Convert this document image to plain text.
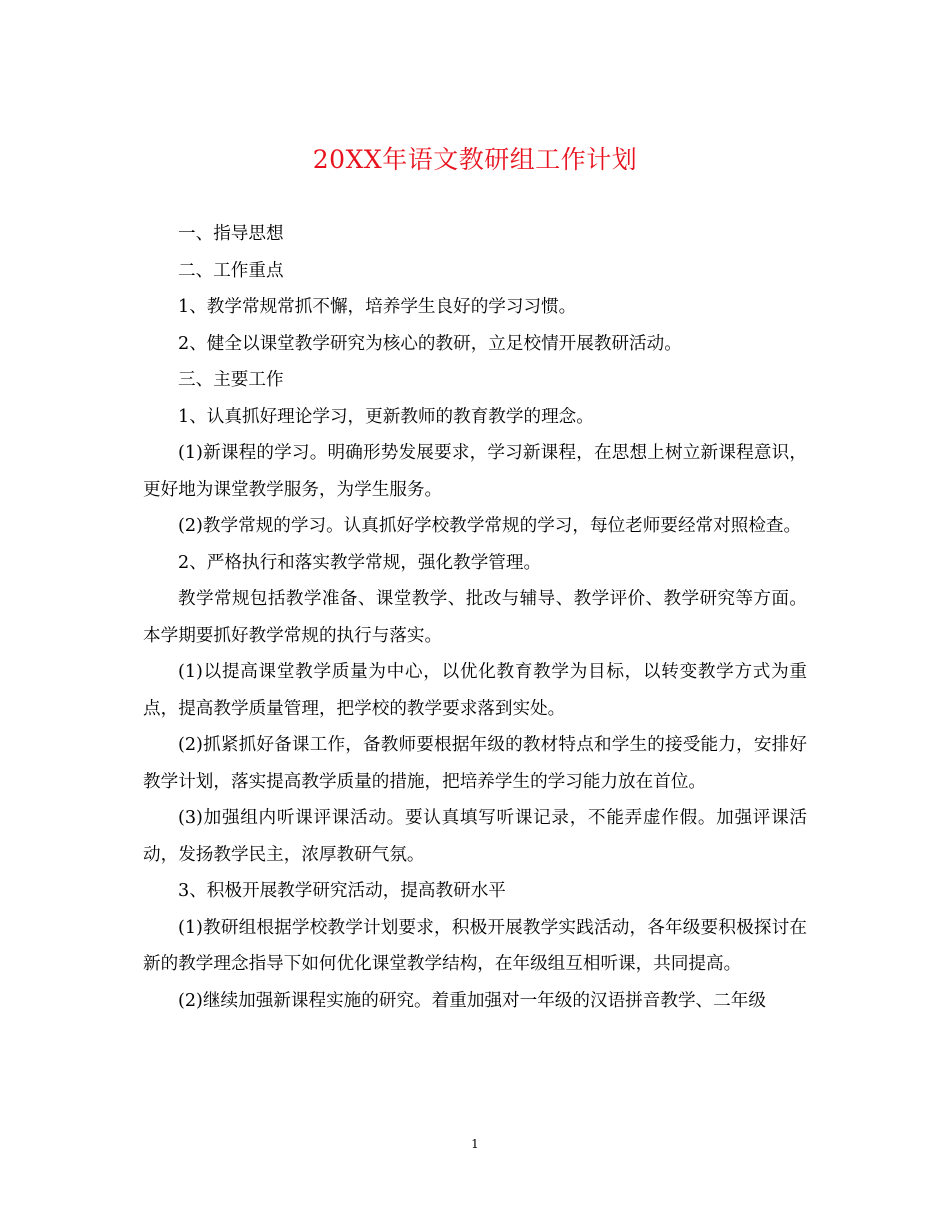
20XX年语文教研组工作计划

一、指导思想

二、工作重点

1、教学常规常抓不懈，培养学生良好的学习习惯。

2、健全以课堂教学研究为核心的教研，立足校情开展教研活动。

三、主要工作

1、认真抓好理论学习，更新教师的教育教学的理念。

(1)新课程的学习。明确形势发展要求，学习新课程，在思想上树立新课程意识，更好地为课堂教学服务，为学生服务。

(2)教学常规的学习。认真抓好学校教学常规的学习，每位老师要经常对照检查。

2、严格执行和落实教学常规，强化教学管理。

教学常规包括教学准备、课堂教学、批改与辅导、教学评价、教学研究等方面。本学期要抓好教学常规的执行与落实。

(1)以提高课堂教学质量为中心，以优化教育教学为目标，以转变教学方式为重点，提高教学质量管理，把学校的教学要求落到实处。

(2)抓紧抓好备课工作，备教师要根据年级的教材特点和学生的接受能力，安排好教学计划，落实提高教学质量的措施，把培养学生的学习能力放在首位。

(3)加强组内听课评课活动。要认真填写听课记录，不能弄虚作假。加强评课活动，发扬教学民主，浓厚教研气氛。

3、积极开展教学研究活动，提高教研水平

(1)教研组根据学校教学计划要求，积极开展教学实践活动，各年级要积极探讨在新的教学理念指导下如何优化课堂教学结构，在年级组互相听课，共同提高。

(2)继续加强新课程实施的研究。着重加强对一年级的汉语拼音教学、二年级

1
